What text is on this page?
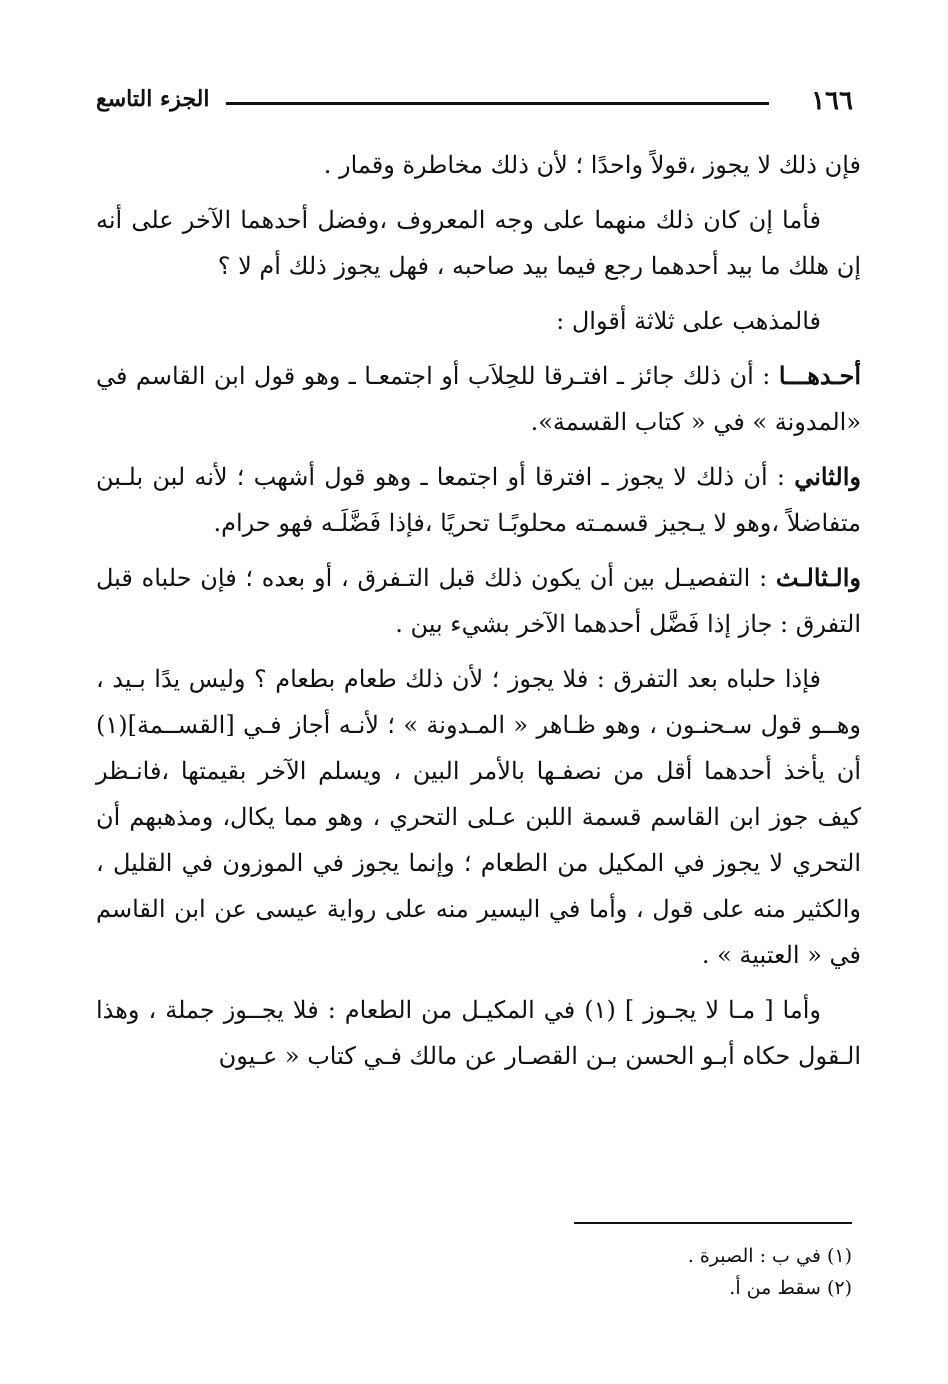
١٦٦
الجزء التاسع

فإن ذلك لا يجوز ،قولاً واحدًا ؛ لأن ذلك مخاطرة وقمار .

فأما إن كان ذلك منهما على وجه المعروف ،وفضل أحدهما الآخر على أنه إن هلك ما بيد أحدهما رجع فيما بيد صاحبه ، فهل يجوز ذلك أم لا ؟

فالمذهب على ثلاثة أقوال :

أحـدهـــا : أن ذلك جائز ـ افتـرقا للحِلاَب أو اجتمعـا ـ وهو قول ابن القاسم في «المدونة » في « كتاب القسمة».

والثاني : أن ذلك لا يجوز ـ افترقا أو اجتمعا ـ وهو قول أشهب ؛ لأنه لبن بلـبن متفاضلاً ،وهو لا يـجيز قسمـته محلوبًـا تحريًا ،فإذا فَضَّلَـه فهو حرام.

والـثالـث : التفصيـل بين أن يكون ذلك قبل التـفرق ، أو بعده ؛ فإن حلباه قبل التفرق : جاز إذا فَضَّل أحدهما الآخر بشيء بين .

فإذا حلباه بعد التفرق : فلا يجوز ؛ لأن ذلك طعام بطعام ؟ وليس يدًا بـيد ، وهــو قول سـحنـون ، وهو ظـاهر « المـدونة » ؛ لأنـه أجاز فـي [القســمة](١) أن يأخذ أحدهما أقل من نصفـها بالأمر البين ، ويسلم الآخر بقيمتها ،فانـظر كيف جوز ابن القاسم قسمة اللبن عـلى التحري ، وهو مما يكال، ومذهبهم أن التحري لا يجوز في المكيل من الطعام ؛ وإنما يجوز في الموزون في القليل ، والكثير منه على قول ، وأما في اليسير منه على رواية عيسى عن ابن القاسم في « العتبية » .

وأما [ مـا لا يجـوز ] (١) في المكيـل من الطعام : فلا يجــوز جملة ، وهذا الـقول حكاه أبـو الحسن بـن القصـار عن مالك فـي كتاب « عـيون

(١) في ب : الصبرة .

(٢) سقط من أ.
